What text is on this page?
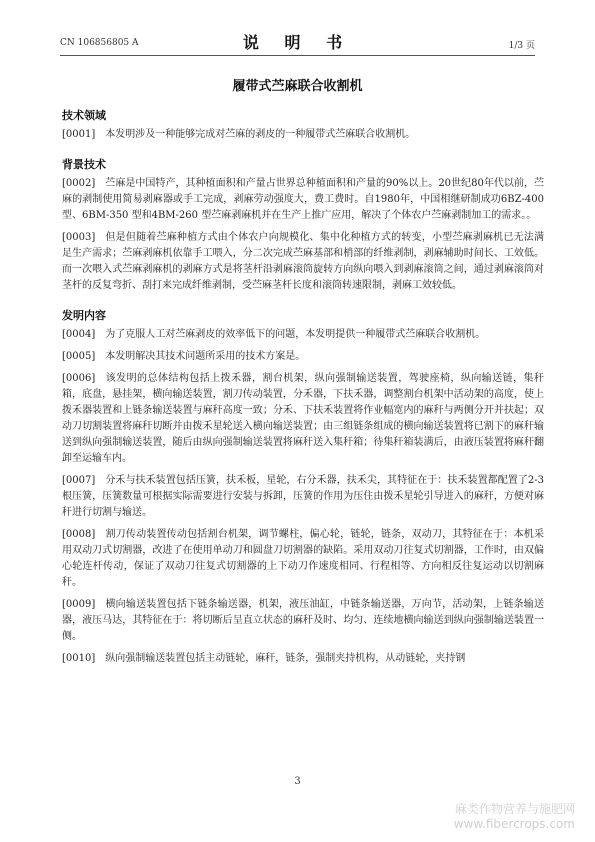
CN 106856805 A	说 明 书	1/3 页
履带式苎麻联合收割机
技术领域

[0001] 本发明涉及一种能够完成对苎麻的剥皮的一种履带式苎麻联合收割机。

背景技术

[0002] 苎麻是中国特产，其种植面积和产量占世界总种植面积和产量的90%以上。20世纪80年代以前，苎麻的剥制使用简易剥麻器或手工完成，剥麻劳动强度大，费工费时。自1980年，中国相继研制成功6BZ-400 型、6BM-350 型和4BM-260 型苎麻剥麻机并在生产上推广应用，解决了个体农户苎麻剥制加工的需求。。

[0003] 但是但随着苎麻种植方式由个体农户向规模化、集中化种植方式的转变，小型苎麻剥麻机已无法满足生产需求；苎麻剥麻机依靠手工喂入，分二次完成苎麻基部和梢部的纤维剥制，剥麻辅助时间长、工效低。而一次喂入式苎麻剥麻机的剥麻方式是将茎杆沿剥麻滚筒旋转方向纵向喂入到剥麻滚筒之间，通过剥麻滚筒对茎杆的反复弯折、刮打来完成纤维剥制，受苎麻茎杆长度和滚筒转速限制，剥麻工效较低。

发明内容

[0004] 为了克服人工对苎麻剥皮的效率低下的问题，本发明提供一种履带式苎麻联合收割机。

[0005] 本发明解决其技术问题所采用的技术方案是。

[0006] 该发明的总体结构包括上拨禾器，割台机架，纵向强制输送装置，驾驶座椅，纵向输送链，集秆箱，底盘，悬挂架，横向输送装置，割刀传动装置，分禾器，下扶禾器，调整割台机架中活动架的高度，使上拨禾器装置和上链条输送装置与麻秆高度一致；分禾、下扶禾装置将作业幅宽内的麻秆与两侧分开并扶起；双动刀切割装置将麻秆切断并由拨禾星轮送入横向输送装置；由三组链条组成的横向输送装置将已割下的麻秆输送到纵向强制输送装置，随后由纵向强制输送装置将麻秆送入集秆箱；待集秆箱装满后，由液压装置将麻秆翻卸至运输车内。

[0007] 分禾与扶禾装置包括压簧，扶禾板，星轮，右分禾器，扶禾尖，其特征在于：扶禾装置都配置了2-3根压簧，压簧数量可根据实际需要进行安装与拆卸，压簧的作用为压住由拨禾星轮引导进入的麻秆，方便对麻秆进行切割与输送。

[0008] 割刀传动装置传动包括割台机架，调节螺柱，偏心轮，链轮，链条，双动刀，其特征在于：本机采用双动刀式切割器，改进了在使用单动刀和圆盘刀切割器的缺陷。采用双动刀往复式切割器，工作时，由双偏心轮连杆传动，保证了双动刀往复式切割器的上下动刀作速度相同、行程相等、方向相反往复运动以切割麻秆。

[0009] 横向输送装置包括下链条输送器，机架，液压油缸，中链条输送器，万向节，活动架，上链条输送器，液压马达，其特征在于：将切断后呈直立状态的麻秆及时、均匀、连续地横向输送到纵向强制输送装置一侧。

[0010] 纵向强制输送装置包括主动链轮，麻秆，链条，强制夹持机构，从动链轮，夹持钢

3
麻类作物营养与施肥网
www.fibercrops.com
